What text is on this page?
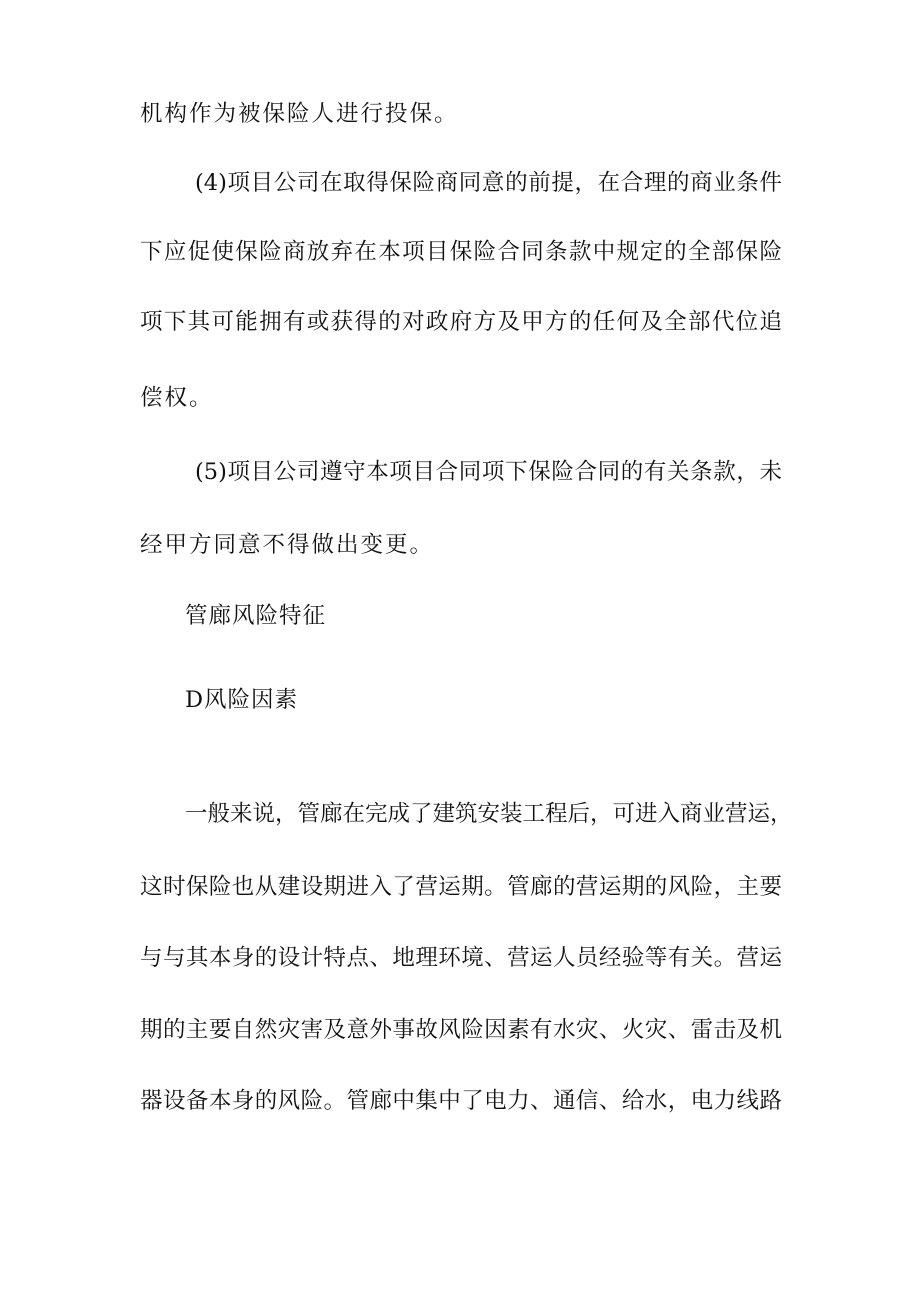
机构作为被保险人进行投保。
(4)项目公司在取得保险商同意的前提，在合理的商业条件
下应促使保险商放弃在本项目保险合同条款中规定的全部保险
项下其可能拥有或获得的对政府方及甲方的任何及全部代位追
偿权。
(5)项目公司遵守本项目合同项下保险合同的有关条款，未
经甲方同意不得做出变更。
管廊风险特征
D风险因素
一般来说，管廊在完成了建筑安装工程后，可进入商业营运，
这时保险也从建设期进入了营运期。管廊的营运期的风险，主要
与与其本身的设计特点、地理环境、营运人员经验等有关。营运
期的主要自然灾害及意外事故风险因素有水灾、火灾、雷击及机
器设备本身的风险。管廊中集中了电力、通信、给水，电力线路
